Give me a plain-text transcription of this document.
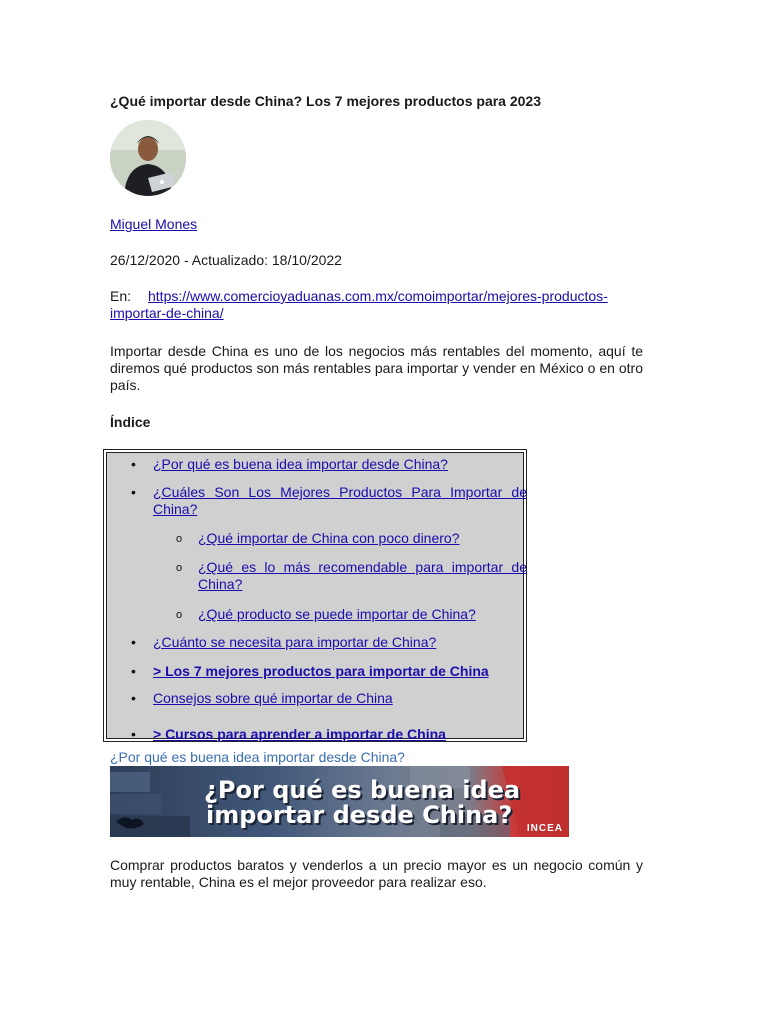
¿Qué importar desde China? Los 7 mejores productos para 2023
Miguel Mones
26/12/2020 - Actualizado: 18/10/2022
En: https://www.comercioyaduanas.com.mx/comoimportar/mejores-productos-importar-de-china/
Importar desde China es uno de los negocios más rentables del momento, aquí te diremos qué productos son más rentables para importar y vender en México o en otro país.
Índice
• ¿Por qué es buena idea importar desde China?
• ¿Cuáles Son Los Mejores Productos Para Importar de China?
o ¿Qué importar de China con poco dinero?
o ¿Qué es lo más recomendable para importar de China?
o ¿Qué producto se puede importar de China?
• ¿Cuánto se necesita para importar de China?
• > Los 7 mejores productos para importar de China
• Consejos sobre qué importar de China
• > Cursos para aprender a importar de China
¿Por qué es buena idea importar desde China?
¿Por qué es buena idea
importar desde China? INCEA
Comprar productos baratos y venderlos a un precio mayor es un negocio común y muy rentable, China es el mejor proveedor para realizar eso.
